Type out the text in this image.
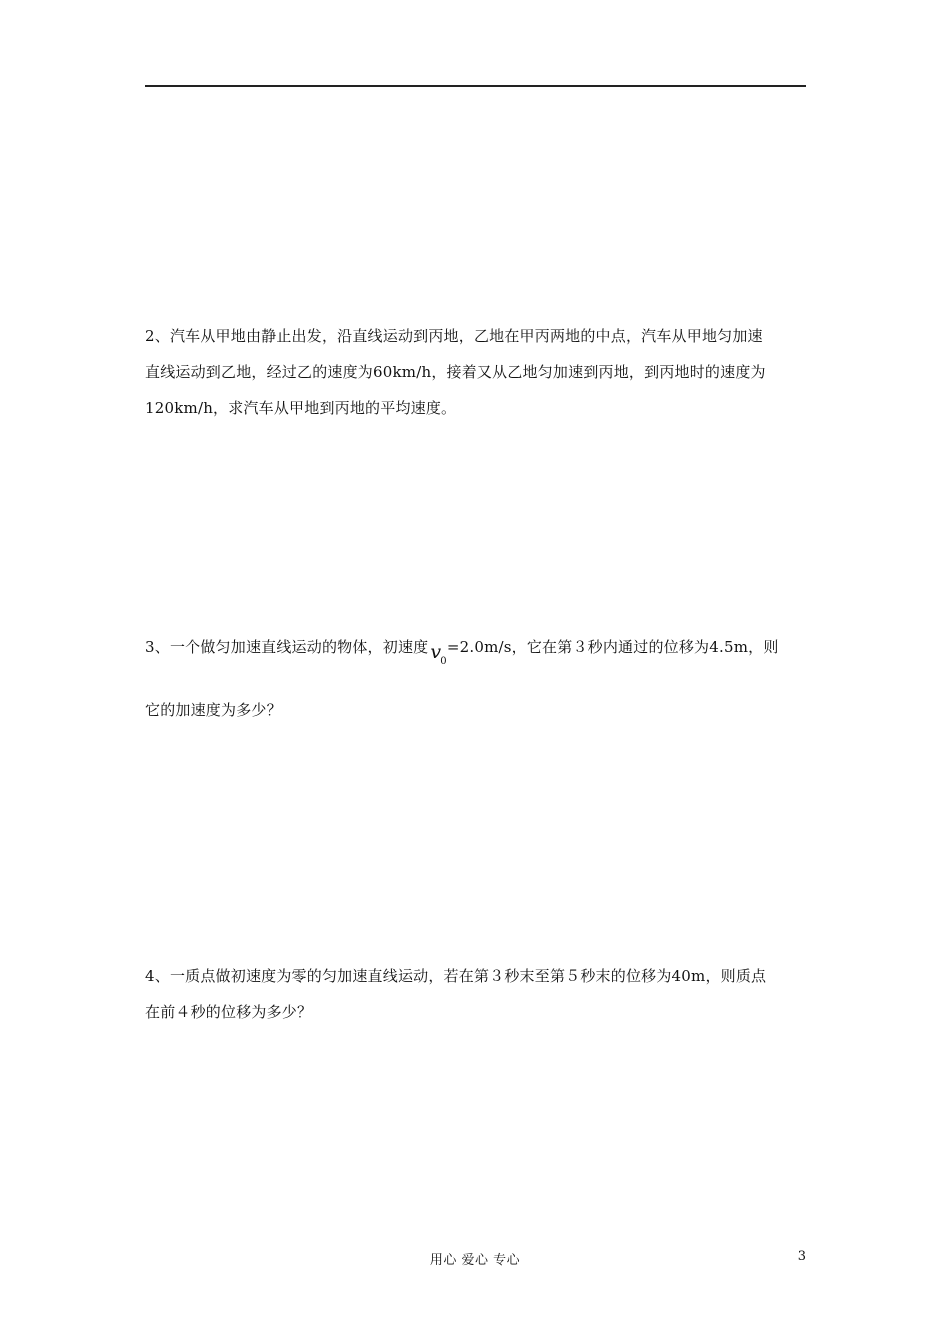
2、汽车从甲地由静止出发，沿直线运动到丙地，乙地在甲丙两地的中点，汽车从甲地匀加速
直线运动到乙地，经过乙的速度为60km/h，接着又从乙地匀加速到丙地，到丙地时的速度为
120km/h，求汽车从甲地到丙地的平均速度。
3、一个做匀加速直线运动的物体，初速度 $v_0=2.0m/s$，它在第３秒内通过的位移为4.5m，则
它的加速度为多少？
4、一质点做初速度为零的匀加速直线运动，若在第３秒末至第５秒末的位移为40m，则质点
在前４秒的位移为多少？
用心 爱心 专心	3
